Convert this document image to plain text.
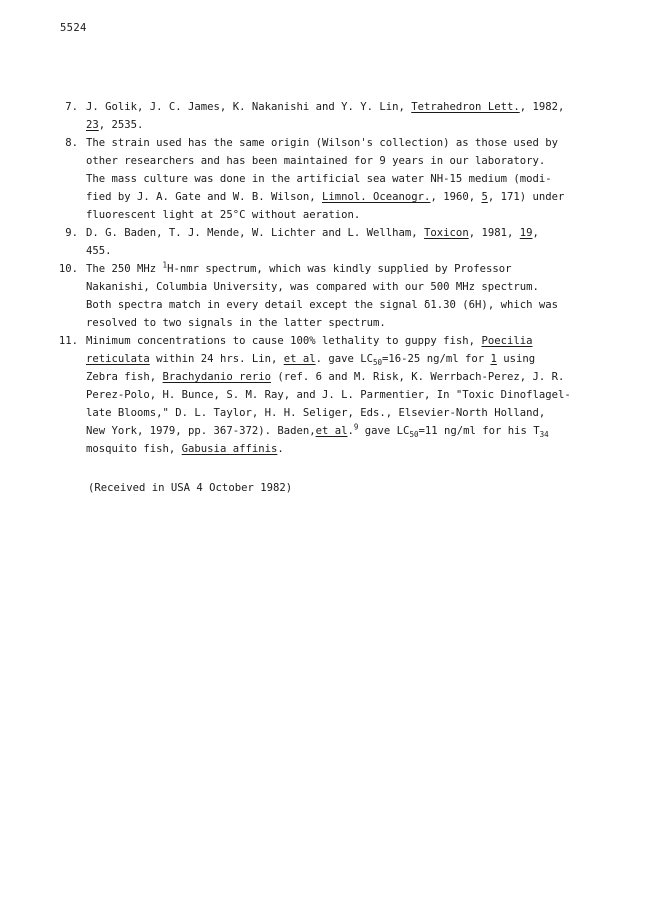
5524
7. J. Golik, J. C. James, K. Nakanishi and Y. Y. Lin, Tetrahedron Lett., 1982,
23, 2535.
8. The strain used has the same origin (Wilson's collection) as those used by
other researchers and has been maintained for 9 years in our laboratory.
The mass culture was done in the artificial sea water NH-15 medium (modi-
fied by J. A. Gate and W. B. Wilson, Limnol. Oceanogr., 1960, 5, 171) under
fluorescent light at 25°C without aeration.
9. D. G. Baden, T. J. Mende, W. Lichter and L. Wellham, Toxicon, 1981, 19,
455.
10. The 250 MHz $^1$H-nmr spectrum, which was kindly supplied by Professor
Nakanishi, Columbia University, was compared with our 500 MHz spectrum.
Both spectra match in every detail except the signal δ1.30 (6H), which was
resolved to two signals in the latter spectrum.
11. Minimum concentrations to cause 100% lethality to guppy fish, Poecilia
reticulata within 24 hrs. Lin, et al. gave $LC_{50}=16-25$ ng/ml for 1 using
Zebra fish, Brachydanio rerio (ref. 6 and M. Risk, K. Werrbach-Perez, J. R.
Perez-Polo, H. Bunce, S. M. Ray, and J. L. Parmentier, In "Toxic Dinoflagel-
late Blooms," D. L. Taylor, H. H. Seliger, Eds., Elsevier-North Holland,
New York, 1979, pp. 367-372). Baden,et al.$^9$ gave $LC_{50}=11$ ng/ml for his $T_{34}$
mosquito fish, Gabusia affinis.
(Received in USA 4 October 1982)
